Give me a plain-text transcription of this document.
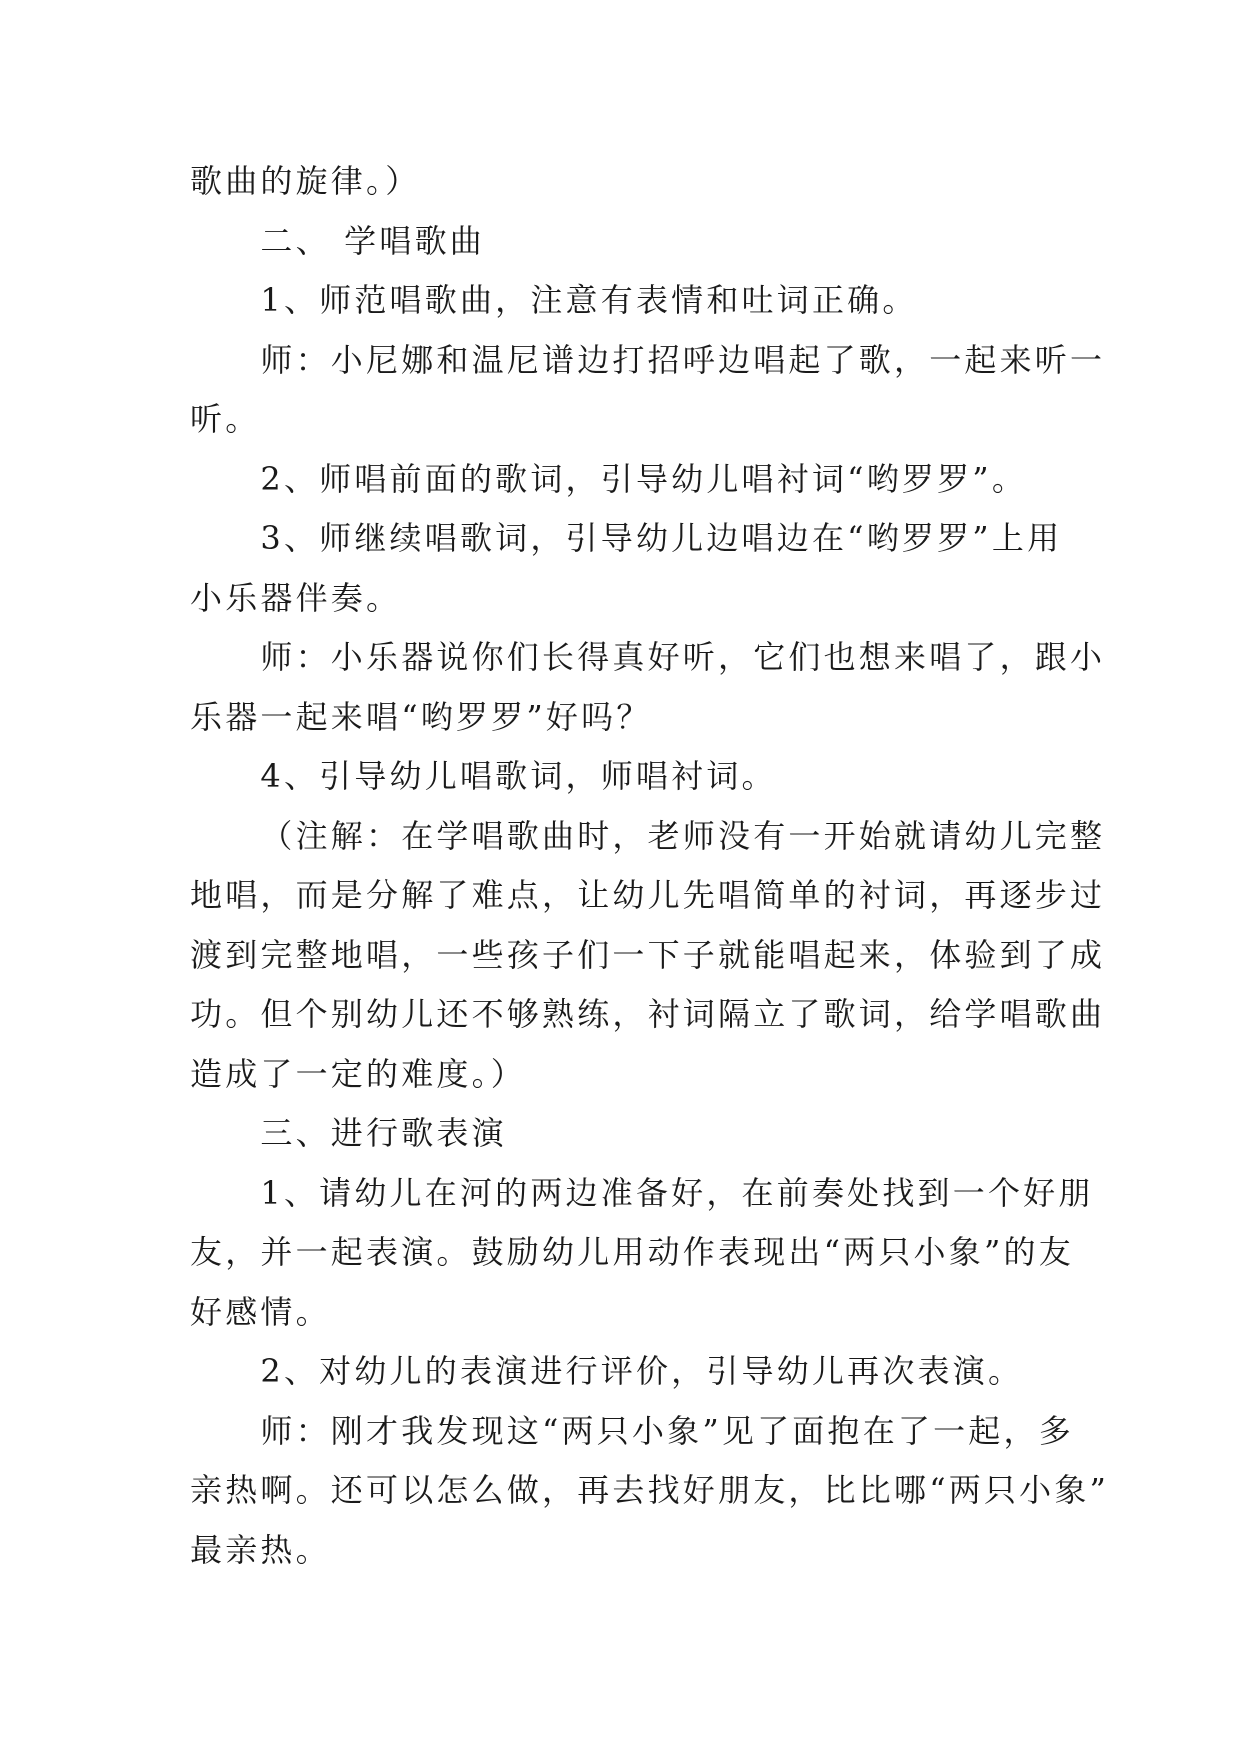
歌曲的旋律。）
二、 学唱歌曲
1、师范唱歌曲，注意有表情和吐词正确。
师：小尼娜和温尼谱边打招呼边唱起了歌，一起来听一
听。
2、师唱前面的歌词，引导幼儿唱衬词“哟罗罗”。
3、师继续唱歌词，引导幼儿边唱边在“哟罗罗”上用
小乐器伴奏。
师：小乐器说你们长得真好听，它们也想来唱了，跟小
乐器一起来唱“哟罗罗”好吗？
4、引导幼儿唱歌词，师唱衬词。
（注解：在学唱歌曲时，老师没有一开始就请幼儿完整
地唱，而是分解了难点，让幼儿先唱简单的衬词，再逐步过
渡到完整地唱，一些孩子们一下子就能唱起来，体验到了成
功。但个别幼儿还不够熟练，衬词隔立了歌词，给学唱歌曲
造成了一定的难度。）
三、进行歌表演
1、请幼儿在河的两边准备好，在前奏处找到一个好朋
友，并一起表演。鼓励幼儿用动作表现出“两只小象”的友
好感情。
2、对幼儿的表演进行评价，引导幼儿再次表演。
师：刚才我发现这“两只小象”见了面抱在了一起，多
亲热啊。还可以怎么做，再去找好朋友，比比哪“两只小象”
最亲热。
